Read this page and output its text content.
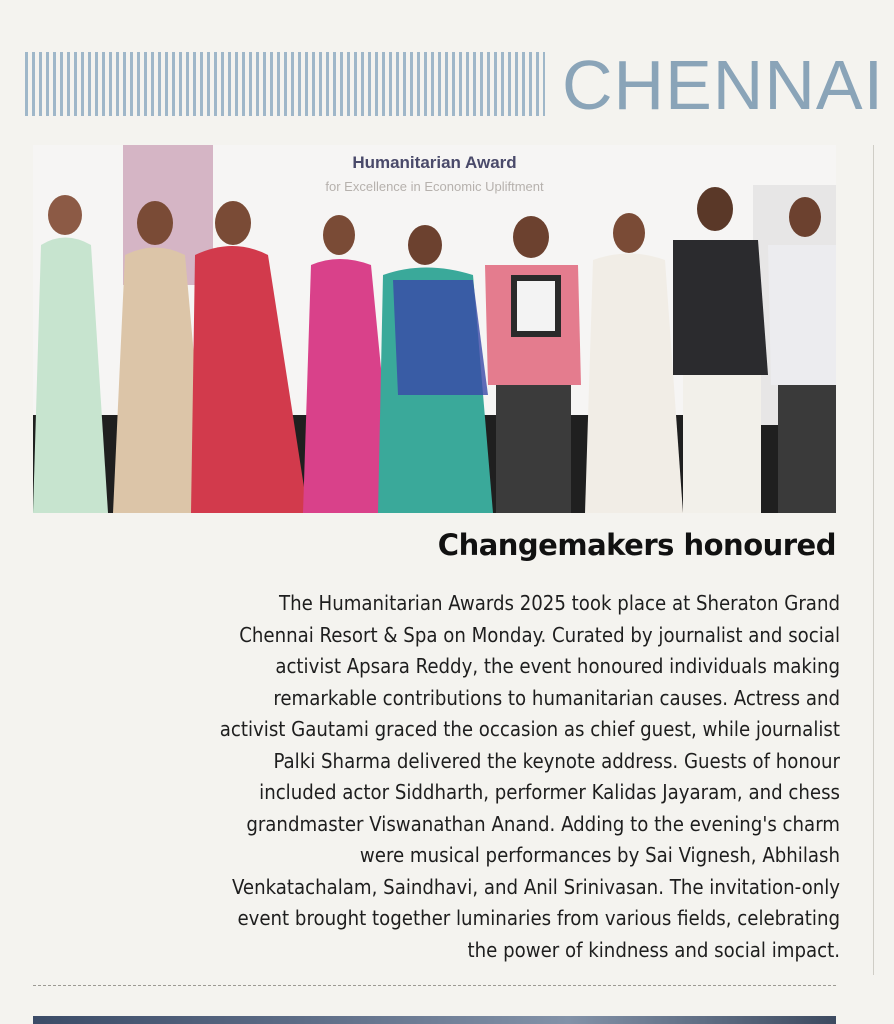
CHENNAI
Humanitarian Award
for Excellence in Economic Upliftment
Changemakers honoured
The Humanitarian Awards 2025 took place at Sheraton Grand
Chennai Resort & Spa on Monday. Curated by journalist and social
activist Apsara Reddy, the event honoured individuals making
remarkable contributions to humanitarian causes. Actress and
activist Gautami graced the occasion as chief guest, while journalist
Palki Sharma delivered the keynote address. Guests of honour
included actor Siddharth, performer Kalidas Jayaram, and chess
grandmaster Viswanathan Anand. Adding to the evening's charm
were musical performances by Sai Vignesh, Abhilash
Venkatachalam, Saindhavi, and Anil Srinivasan. The invitation-only
event brought together luminaries from various fields, celebrating
the power of kindness and social impact.
